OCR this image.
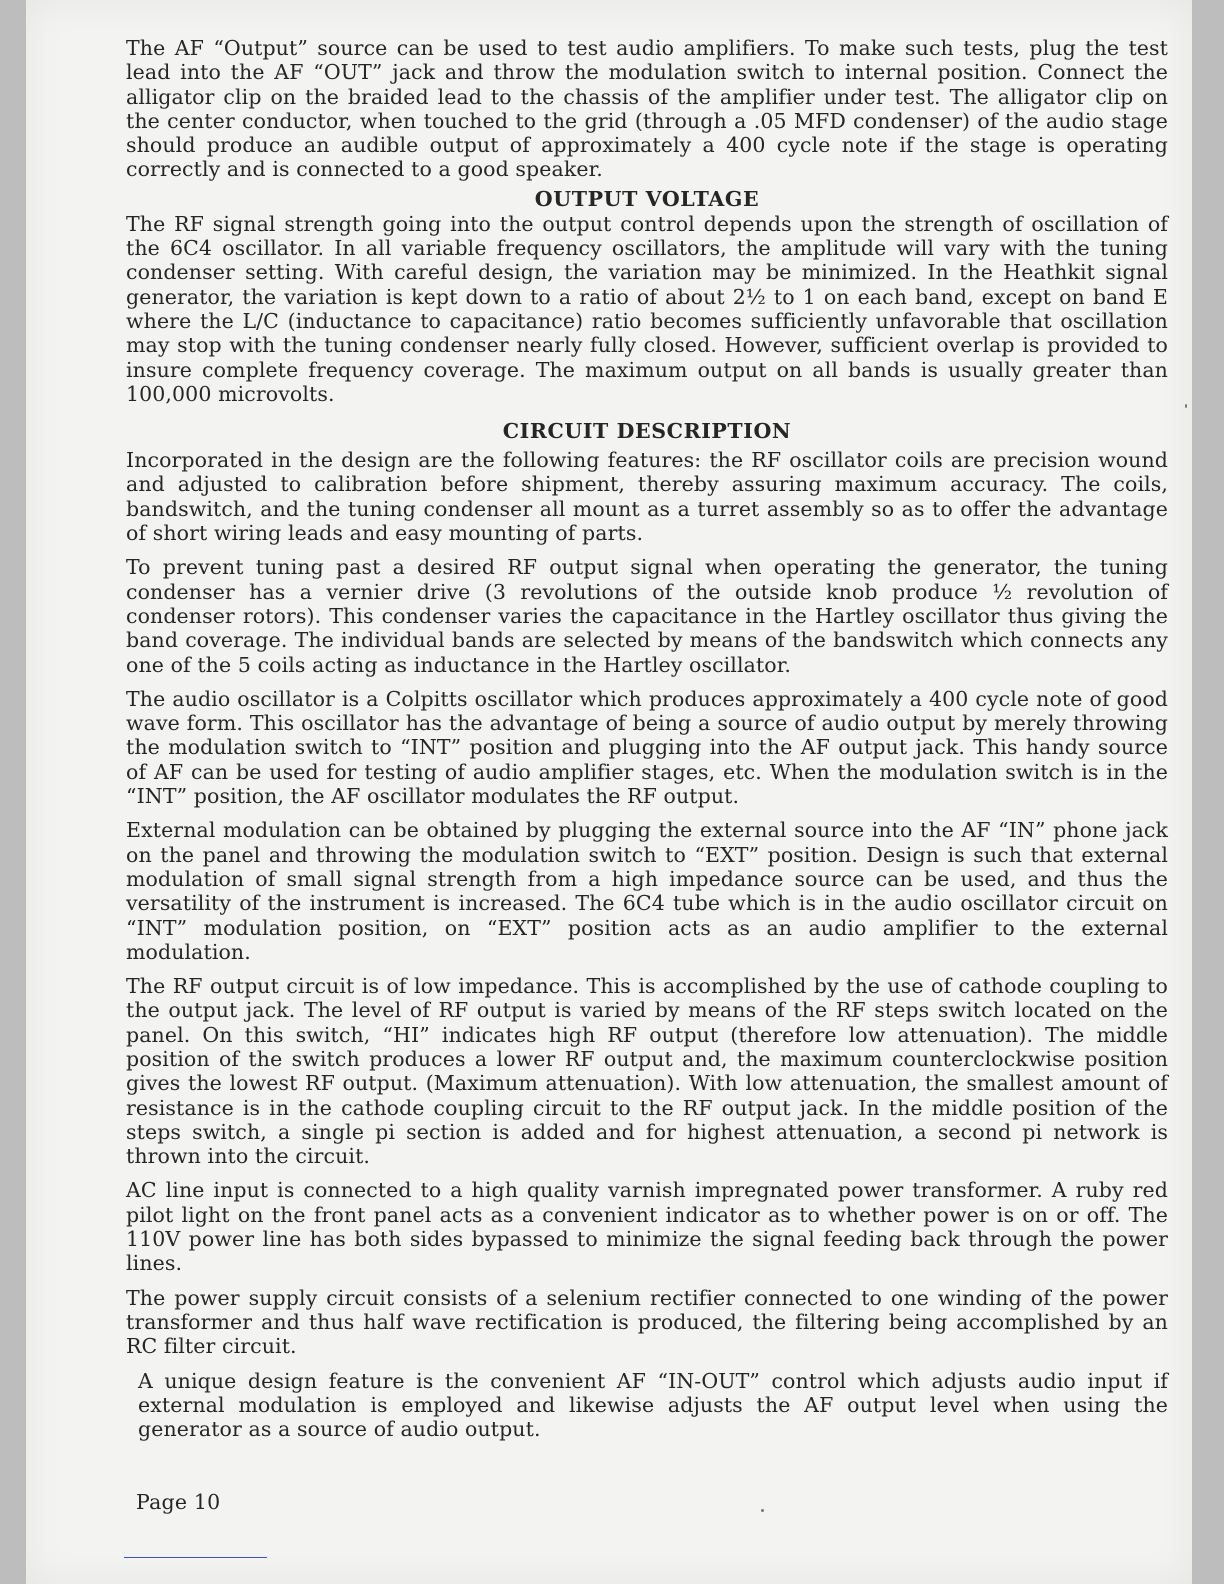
The AF “Output” source can be used to test audio amplifiers. To make such tests, plug the test lead into the AF “OUT” jack and throw the modulation switch to internal position. Connect the alligator clip on the braided lead to the chassis of the amplifier under test. The alligator clip on the center conductor, when touched to the grid (through a .05 MFD condenser) of the audio stage should produce an audible output of approximately a 400 cycle note if the stage is operating correctly and is connected to a good speaker.

OUTPUT VOLTAGE

The RF signal strength going into the output control depends upon the strength of oscillation of the 6C4 oscillator. In all variable frequency oscillators, the amplitude will vary with the tuning condenser setting. With careful design, the variation may be minimized. In the Heathkit signal generator, the variation is kept down to a ratio of about 2½ to 1 on each band, except on band E where the L/C (inductance to capacitance) ratio becomes sufficiently unfavorable that oscillation may stop with the tuning condenser nearly fully closed. However, sufficient overlap is provided to insure complete frequency coverage. The maximum output on all bands is usually greater than 100,000 microvolts.

CIRCUIT DESCRIPTION

Incorporated in the design are the following features: the RF oscillator coils are precision wound and adjusted to calibration before shipment, thereby assuring maximum accuracy. The coils, bandswitch, and the tuning condenser all mount as a turret assembly so as to offer the advantage of short wiring leads and easy mounting of parts.

To prevent tuning past a desired RF output signal when operating the generator, the tuning condenser has a vernier drive (3 revolutions of the outside knob produce ½ revolution of condenser rotors). This condenser varies the capacitance in the Hartley oscillator thus giving the band coverage. The individual bands are selected by means of the bandswitch which connects any one of the 5 coils acting as inductance in the Hartley oscillator.

The audio oscillator is a Colpitts oscillator which produces approximately a 400 cycle note of good wave form. This oscillator has the advantage of being a source of audio output by merely throwing the modulation switch to “INT” position and plugging into the AF output jack. This handy source of AF can be used for testing of audio amplifier stages, etc. When the modulation switch is in the “INT” position, the AF oscillator modulates the RF output.

External modulation can be obtained by plugging the external source into the AF “IN” phone jack on the panel and throwing the modulation switch to “EXT” position. Design is such that external modulation of small signal strength from a high impedance source can be used, and thus the versatility of the instrument is increased. The 6C4 tube which is in the audio oscillator circuit on “INT” modulation position, on “EXT” position acts as an audio amplifier to the external modulation.

The RF output circuit is of low impedance. This is accomplished by the use of cathode coupling to the output jack. The level of RF output is varied by means of the RF steps switch located on the panel. On this switch, “HI” indicates high RF output (therefore low attenuation). The middle position of the switch produces a lower RF output and, the maximum counterclockwise position gives the lowest RF output. (Maximum attenuation). With low attenuation, the smallest amount of resistance is in the cathode coupling circuit to the RF output jack. In the middle position of the steps switch, a single pi section is added and for highest attenuation, a second pi network is thrown into the circuit.

AC line input is connected to a high quality varnish impregnated power transformer. A ruby red pilot light on the front panel acts as a convenient indicator as to whether power is on or off. The 110V power line has both sides bypassed to minimize the signal feeding back through the power lines.

The power supply circuit consists of a selenium rectifier connected to one winding of the power transformer and thus half wave rectification is produced, the filtering being accomplished by an RC filter circuit.

A unique design feature is the convenient AF “IN-OUT” control which adjusts audio input if external modulation is employed and likewise adjusts the AF output level when using the generator as a source of audio output.

Page 10
